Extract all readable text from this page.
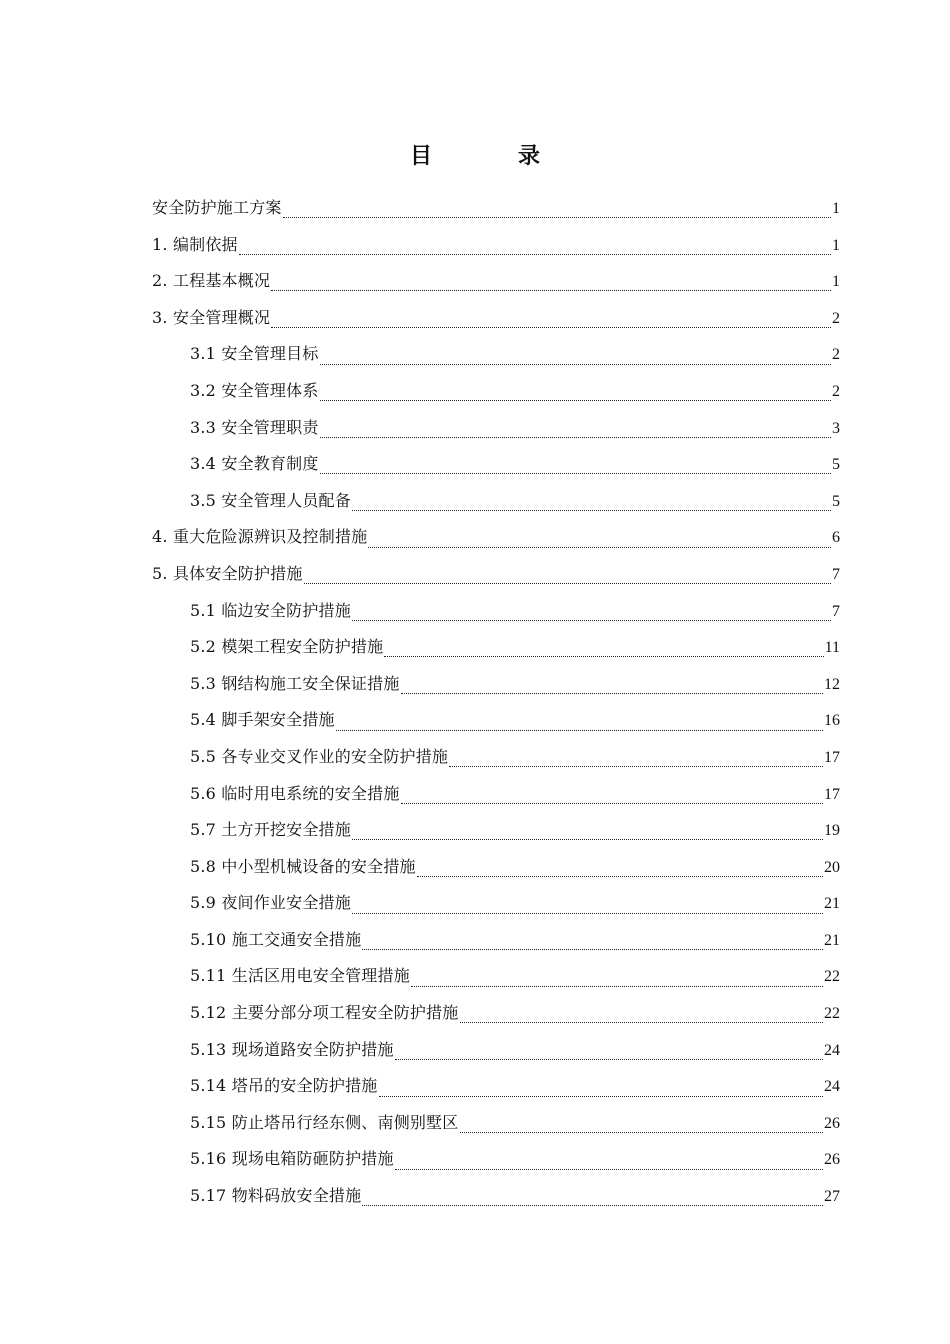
目	录
安全防护施工方案	1
1. 编制依据	1
2. 工程基本概况	1
3. 安全管理概况	2
3.1 安全管理目标	2
3.2 安全管理体系	2
3.3 安全管理职责	3
3.4 安全教育制度	5
3.5 安全管理人员配备	5
4. 重大危险源辨识及控制措施	6
5. 具体安全防护措施	7
5.1 临边安全防护措施	7
5.2 模架工程安全防护措施	11
5.3 钢结构施工安全保证措施	12
5.4 脚手架安全措施	16
5.5 各专业交叉作业的安全防护措施	17
5.6 临时用电系统的安全措施	17
5.7 土方开挖安全措施	19
5.8 中小型机械设备的安全措施	20
5.9 夜间作业安全措施	21
5.10 施工交通安全措施	21
5.11 生活区用电安全管理措施	22
5.12 主要分部分项工程安全防护措施	22
5.13 现场道路安全防护措施	24
5.14 塔吊的安全防护措施	24
5.15 防止塔吊行经东侧、南侧别墅区	26
5.16 现场电箱防砸防护措施	26
5.17 物料码放安全措施	27
